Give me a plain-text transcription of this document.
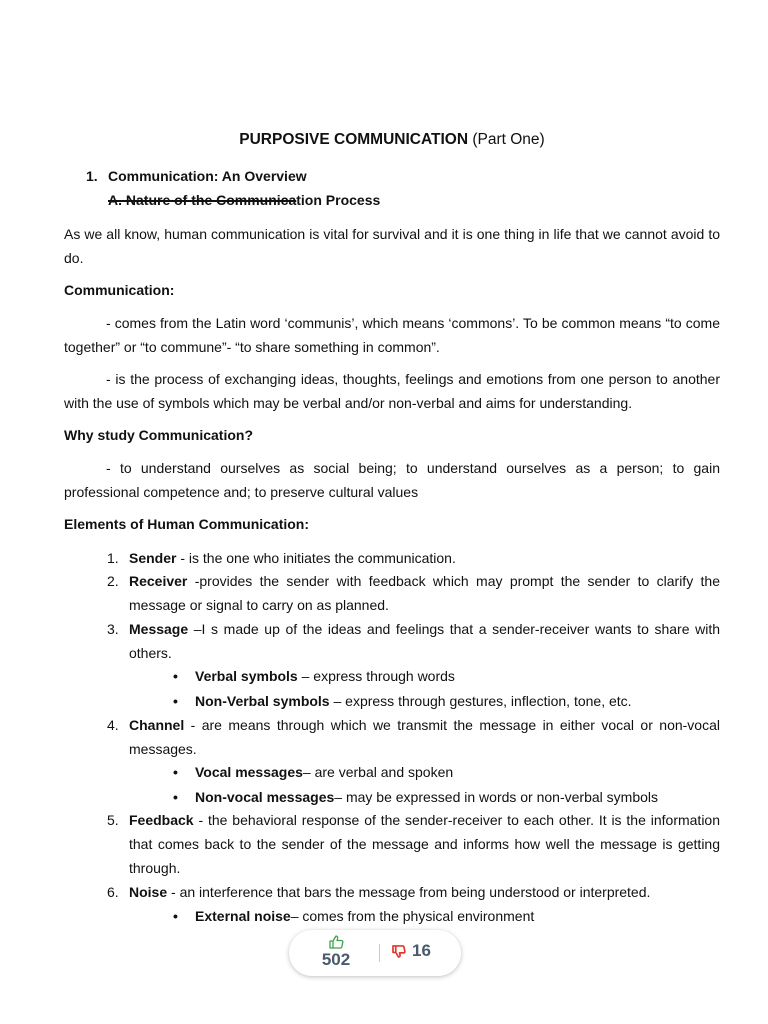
PURPOSIVE COMMUNICATION (Part One)
1. Communication: An Overview
A. Nature of the Communication Process
As we all know, human communication is vital for survival and it is one thing in life that we cannot avoid to do.
Communication:
- comes from the Latin word ‘communis’, which means ‘commons’. To be common means “to come together” or “to commune”- “to share something in common”.
- is the process of exchanging ideas, thoughts, feelings and emotions from one person to another with the use of symbols which may be verbal and/or non-verbal and aims for understanding.
Why study Communication?
- to understand ourselves as social being; to understand ourselves as a person; to gain professional competence and; to preserve cultural values
Elements of Human Communication:
1. Sender - is the one who initiates the communication.
2. Receiver -provides the sender with feedback which may prompt the sender to clarify the message or signal to carry on as planned.
3. Message –I s made up of the ideas and feelings that a sender-receiver wants to share with others.
• Verbal symbols – express through words
• Non-Verbal symbols – express through gestures, inflection, tone, etc.
4. Channel - are means through which we transmit the message in either vocal or non-vocal messages.
• Vocal messages– are verbal and spoken
• Non-vocal messages– may be expressed in words or non-verbal symbols
5. Feedback - the behavioral response of the sender-receiver to each other. It is the information that comes back to the sender of the message and informs how well the message is getting through.
6. Noise - an interference that bars the message from being understood or interpreted.
• External noise– comes from the physical environment
502	16
